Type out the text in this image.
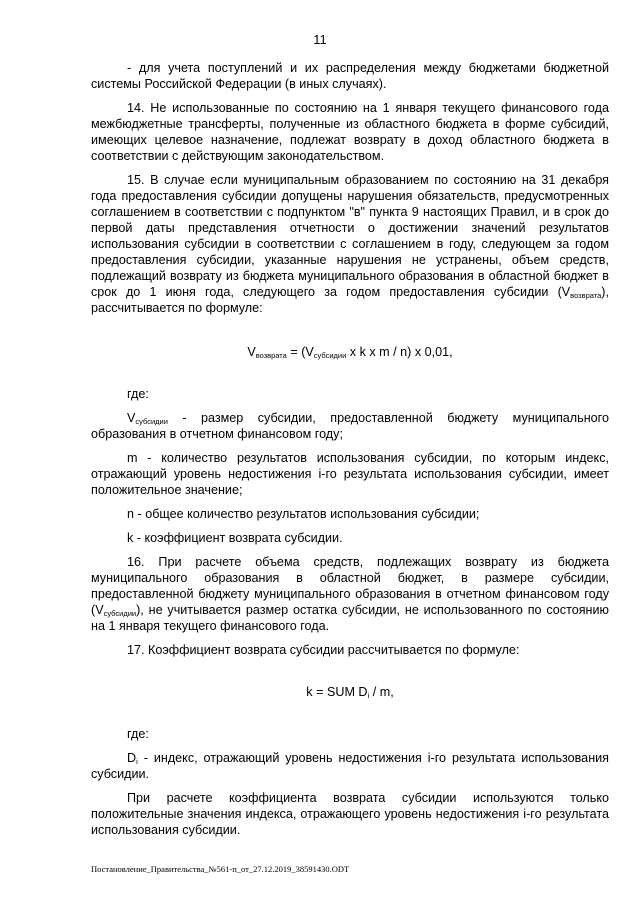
11

- для учета поступлений и их распределения между бюджетами бюджетной системы Российской Федерации (в иных случаях).

14. Не использованные по состоянию на 1 января текущего финансового года межбюджетные трансферты, полученные из областного бюджета в форме субсидий, имеющих целевое назначение, подлежат возврату в доход областного бюджета в соответствии с действующим законодательством.

15. В случае если муниципальным образованием по состоянию на 31 декабря года предоставления субсидии допущены нарушения обязательств, предусмотренных соглашением в соответствии с подпунктом "в" пункта 9 настоящих Правил, и в срок до первой даты представления отчетности о достижении значений результатов использования субсидии в соответствии с соглашением в году, следующем за годом предоставления субсидии, указанные нарушения не устранены, объем средств, подлежащий возврату из бюджета муниципального образования в областной бюджет в срок до 1 июня года, следующего за годом предоставления субсидии $(V_{возврата})$, рассчитывается по формуле:

$V_{возврата} = (V_{субсидии}$ x k x m / n) x 0,01,

где:

$V_{субсидии}$ - размер субсидии, предоставленной бюджету муниципального образования в отчетном финансовом году;

m - количество результатов использования субсидии, по которым индекс, отражающий уровень недостижения i-го результата использования субсидии, имеет положительное значение;

n - общее количество результатов использования субсидии;

k - коэффициент возврата субсидии.

16. При расчете объема средств, подлежащих возврату из бюджета муниципального образования в областной бюджет, в размере субсидии, предоставленной бюджету муниципального образования в отчетном финансовом году $(V_{субсидии})$, не учитывается размер остатка субсидии, не использованного по состоянию на 1 января текущего финансового года.

17. Коэффициент возврата субсидии рассчитывается по формуле:

k = SUM $D_i$ / m,

где:

$D_i$ - индекс, отражающий уровень недостижения i-го результата использования субсидии.

При расчете коэффициента возврата субсидии используются только положительные значения индекса, отражающего уровень недостижения i-го результата использования субсидии.

Постановление_Правительства_№561-п_от_27.12.2019_38591430.ODT
